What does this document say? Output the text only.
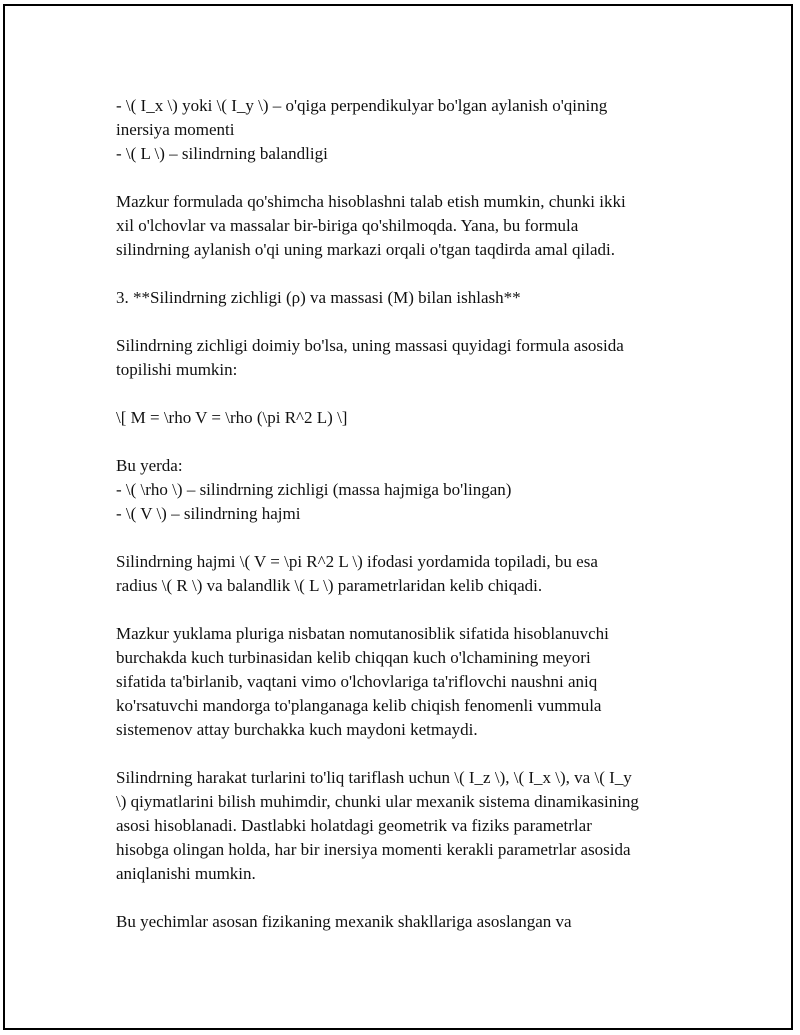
- \( I_x \) yoki \( I_y \) – o'qiga perpendikulyar bo'lgan aylanish o'qining
inersiya momenti
- \( L \) – silindrning balandligi

Mazkur formulada qo'shimcha hisoblashni talab etish mumkin, chunki ikki
xil o'lchovlar va massalar bir-biriga qo'shilmoqda. Yana, bu formula
silindrning aylanish o'qi uning markazi orqali o'tgan taqdirda amal qiladi.

3. **Silindrning zichligi (ρ) va massasi (M) bilan ishlash**

Silindrning zichligi doimiy bo'lsa, uning massasi quyidagi formula asosida
topilishi mumkin:

\[ M = \rho V = \rho (\pi R^2 L) \]

Bu yerda:
- \( \rho \) – silindrning zichligi (massa hajmiga bo'lingan)
- \( V \) – silindrning hajmi

Silindrning hajmi \( V = \pi R^2 L \) ifodasi yordamida topiladi, bu esa
radius \( R \) va balandlik \( L \) parametrlaridan kelib chiqadi.

Mazkur yuklama pluriga nisbatan nomutanosiblik sifatida hisoblanuvchi
burchakda kuch turbinasidan kelib chiqqan kuch o'lchamining meyori
sifatida ta'birlanib, vaqtani vimo o'lchovlariga ta'riflovchi naushni aniq
ko'rsatuvchi mandorga to'planganaga kelib chiqish fenomenli vummula
sistemenov attay burchakka kuch maydoni ketmaydi.

Silindrning harakat turlarini to'liq tariflash uchun \( I_z \), \( I_x \), va \( I_y
\) qiymatlarini bilish muhimdir, chunki ular mexanik sistema dinamikasining
asosi hisoblanadi. Dastlabki holatdagi geometrik va fiziks parametrlar
hisobga olingan holda, har bir inersiya momenti kerakli parametrlar asosida
aniqlanishi mumkin.

Bu yechimlar asosan fizikaning mexanik shakllariga asoslangan va
